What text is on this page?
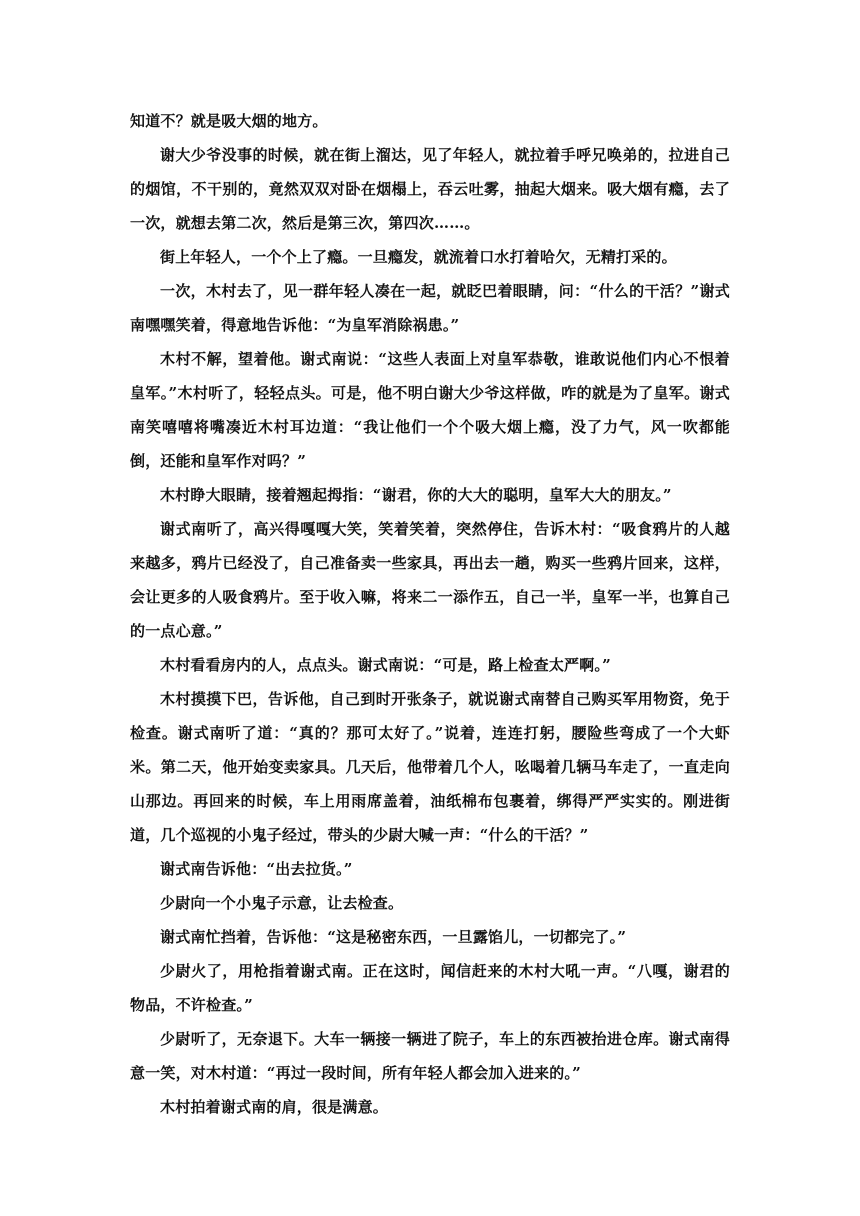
知道不？就是吸大烟的地方。

谢大少爷没事的时候，就在街上溜达，见了年轻人，就拉着手呼兄唤弟的，拉进自己的烟馆，不干别的，竟然双双对卧在烟榻上，吞云吐雾，抽起大烟来。吸大烟有瘾，去了一次，就想去第二次，然后是第三次，第四次……。

街上年轻人，一个个上了瘾。一旦瘾发，就流着口水打着哈欠，无精打采的。

一次，木村去了，见一群年轻人凑在一起，就眨巴着眼睛，问：“什么的干活？”谢式南嘿嘿笑着，得意地告诉他：“为皇军消除祸患。”

木村不解，望着他。谢式南说：“这些人表面上对皇军恭敬，谁敢说他们内心不恨着皇军。”木村听了，轻轻点头。可是，他不明白谢大少爷这样做，咋的就是为了皇军。谢式南笑嘻嘻将嘴凑近木村耳边道：“我让他们一个个吸大烟上瘾，没了力气，风一吹都能倒，还能和皇军作对吗？”

木村睁大眼睛，接着翘起拇指：“谢君，你的大大的聪明，皇军大大的朋友。”

谢式南听了，高兴得嘎嘎大笑，笑着笑着，突然停住，告诉木村：“吸食鸦片的人越来越多，鸦片已经没了，自己准备卖一些家具，再出去一趟，购买一些鸦片回来，这样，会让更多的人吸食鸦片。至于收入嘛，将来二一添作五，自己一半，皇军一半，也算自己的一点心意。”

木村看看房内的人，点点头。谢式南说：“可是，路上检查太严啊。”

木村摸摸下巴，告诉他，自己到时开张条子，就说谢式南替自己购买军用物资，免于检查。谢式南听了道：“真的？那可太好了。”说着，连连打躬，腰险些弯成了一个大虾米。第二天，他开始变卖家具。几天后，他带着几个人，吆喝着几辆马车走了，一直走向山那边。再回来的时候，车上用雨席盖着，油纸棉布包裹着，绑得严严实实的。刚进街道，几个巡视的小鬼子经过，带头的少尉大喊一声：“什么的干活？”

谢式南告诉他：“出去拉货。”

少尉向一个小鬼子示意，让去检查。

谢式南忙挡着，告诉他：“这是秘密东西，一旦露馅儿，一切都完了。”

少尉火了，用枪指着谢式南。正在这时，闻信赶来的木村大吼一声。“八嘎，谢君的物品，不许检查。”

少尉听了，无奈退下。大车一辆接一辆进了院子，车上的东西被抬进仓库。谢式南得意一笑，对木村道：“再过一段时间，所有年轻人都会加入进来的。”

木村拍着谢式南的肩，很是满意。
